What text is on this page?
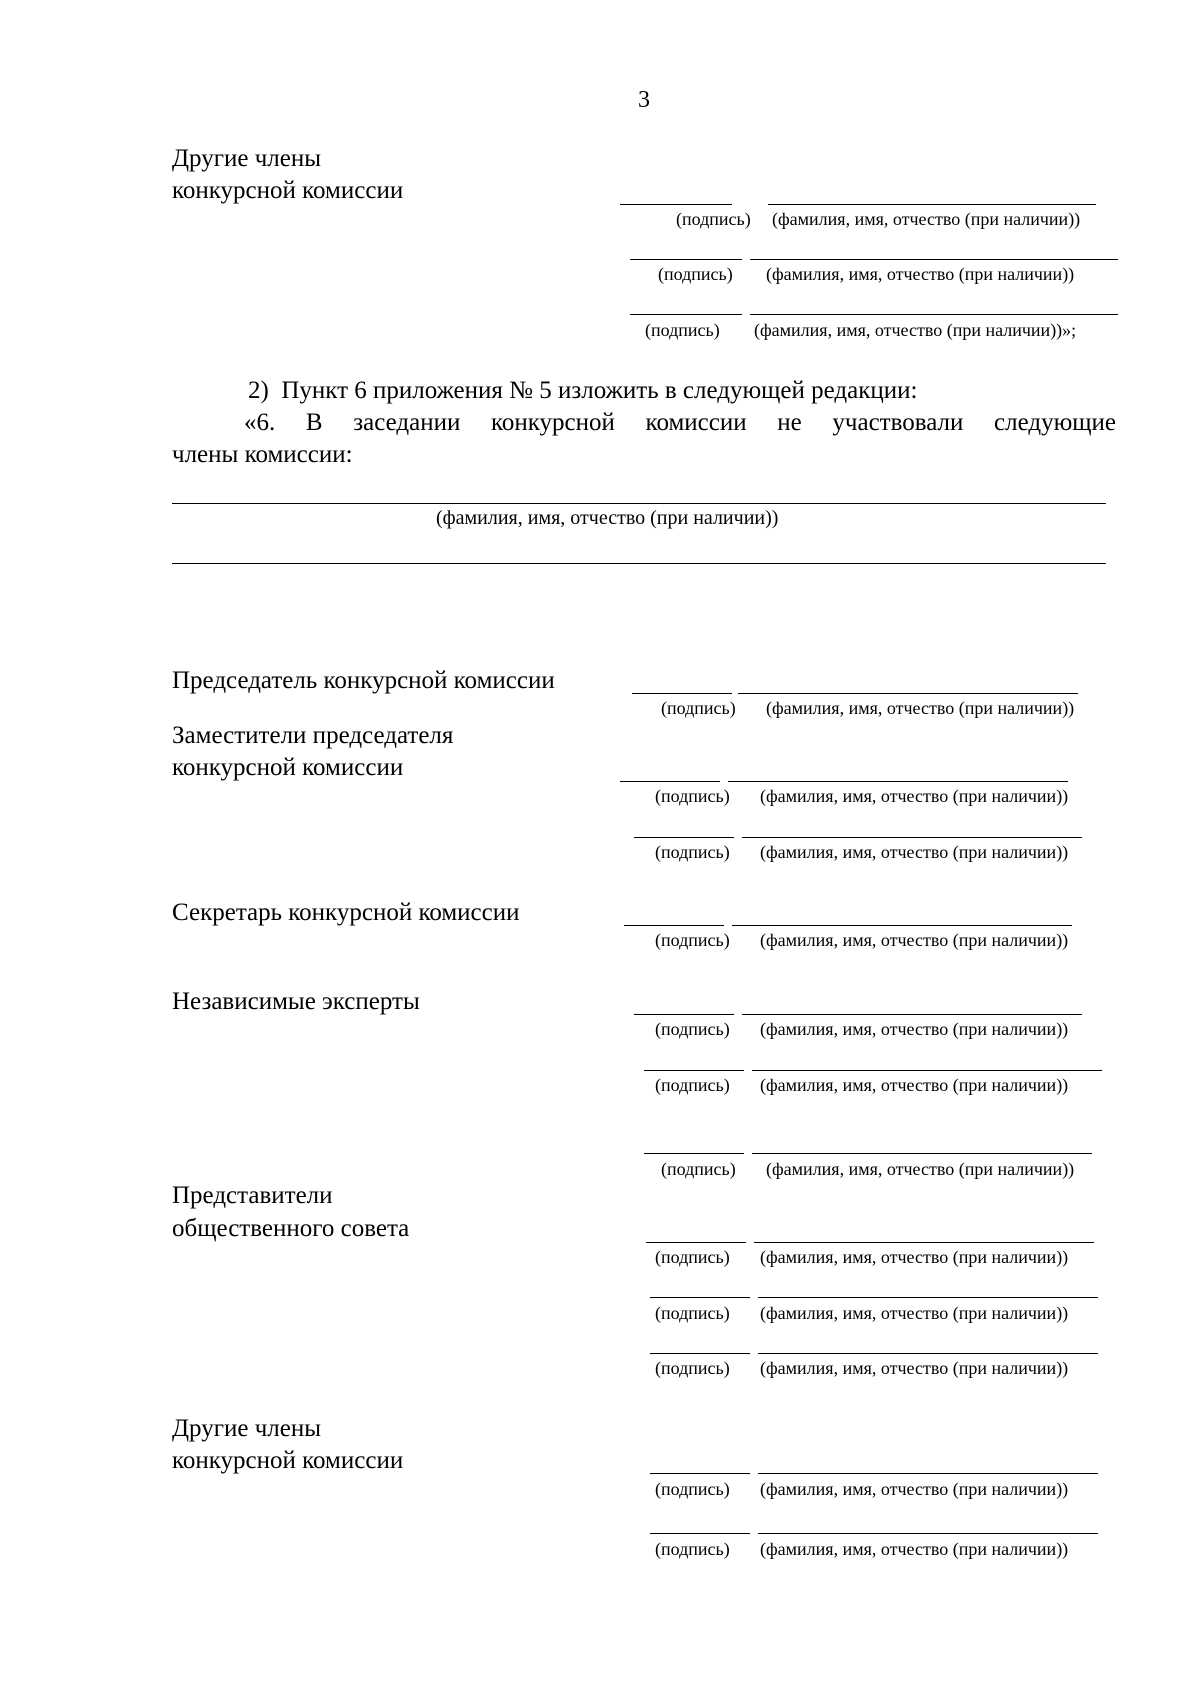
3
Другие члены
конкурсной комиссии
(подпись) (фамилия, имя, отчество (при наличии))
(подпись) (фамилия, имя, отчество (при наличии))
(подпись) (фамилия, имя, отчество (при наличии))»;
2) Пункт 6 приложения № 5 изложить в следующей редакции:
«6. В заседании конкурсной комиссии не участвовали следующие
члены комиссии:
(фамилия, имя, отчество (при наличии))
Председатель конкурсной комиссии
(подпись) (фамилия, имя, отчество (при наличии))
Заместители председателя
конкурсной комиссии
(подпись) (фамилия, имя, отчество (при наличии))
(подпись) (фамилия, имя, отчество (при наличии))
Секретарь конкурсной комиссии
(подпись) (фамилия, имя, отчество (при наличии))
Независимые эксперты
(подпись) (фамилия, имя, отчество (при наличии))
(подпись) (фамилия, имя, отчество (при наличии))
(подпись) (фамилия, имя, отчество (при наличии))
Представители
общественного совета
(подпись) (фамилия, имя, отчество (при наличии))
(подпись) (фамилия, имя, отчество (при наличии))
(подпись) (фамилия, имя, отчество (при наличии))
Другие члены
конкурсной комиссии
(подпись) (фамилия, имя, отчество (при наличии))
(подпись) (фамилия, имя, отчество (при наличии))
